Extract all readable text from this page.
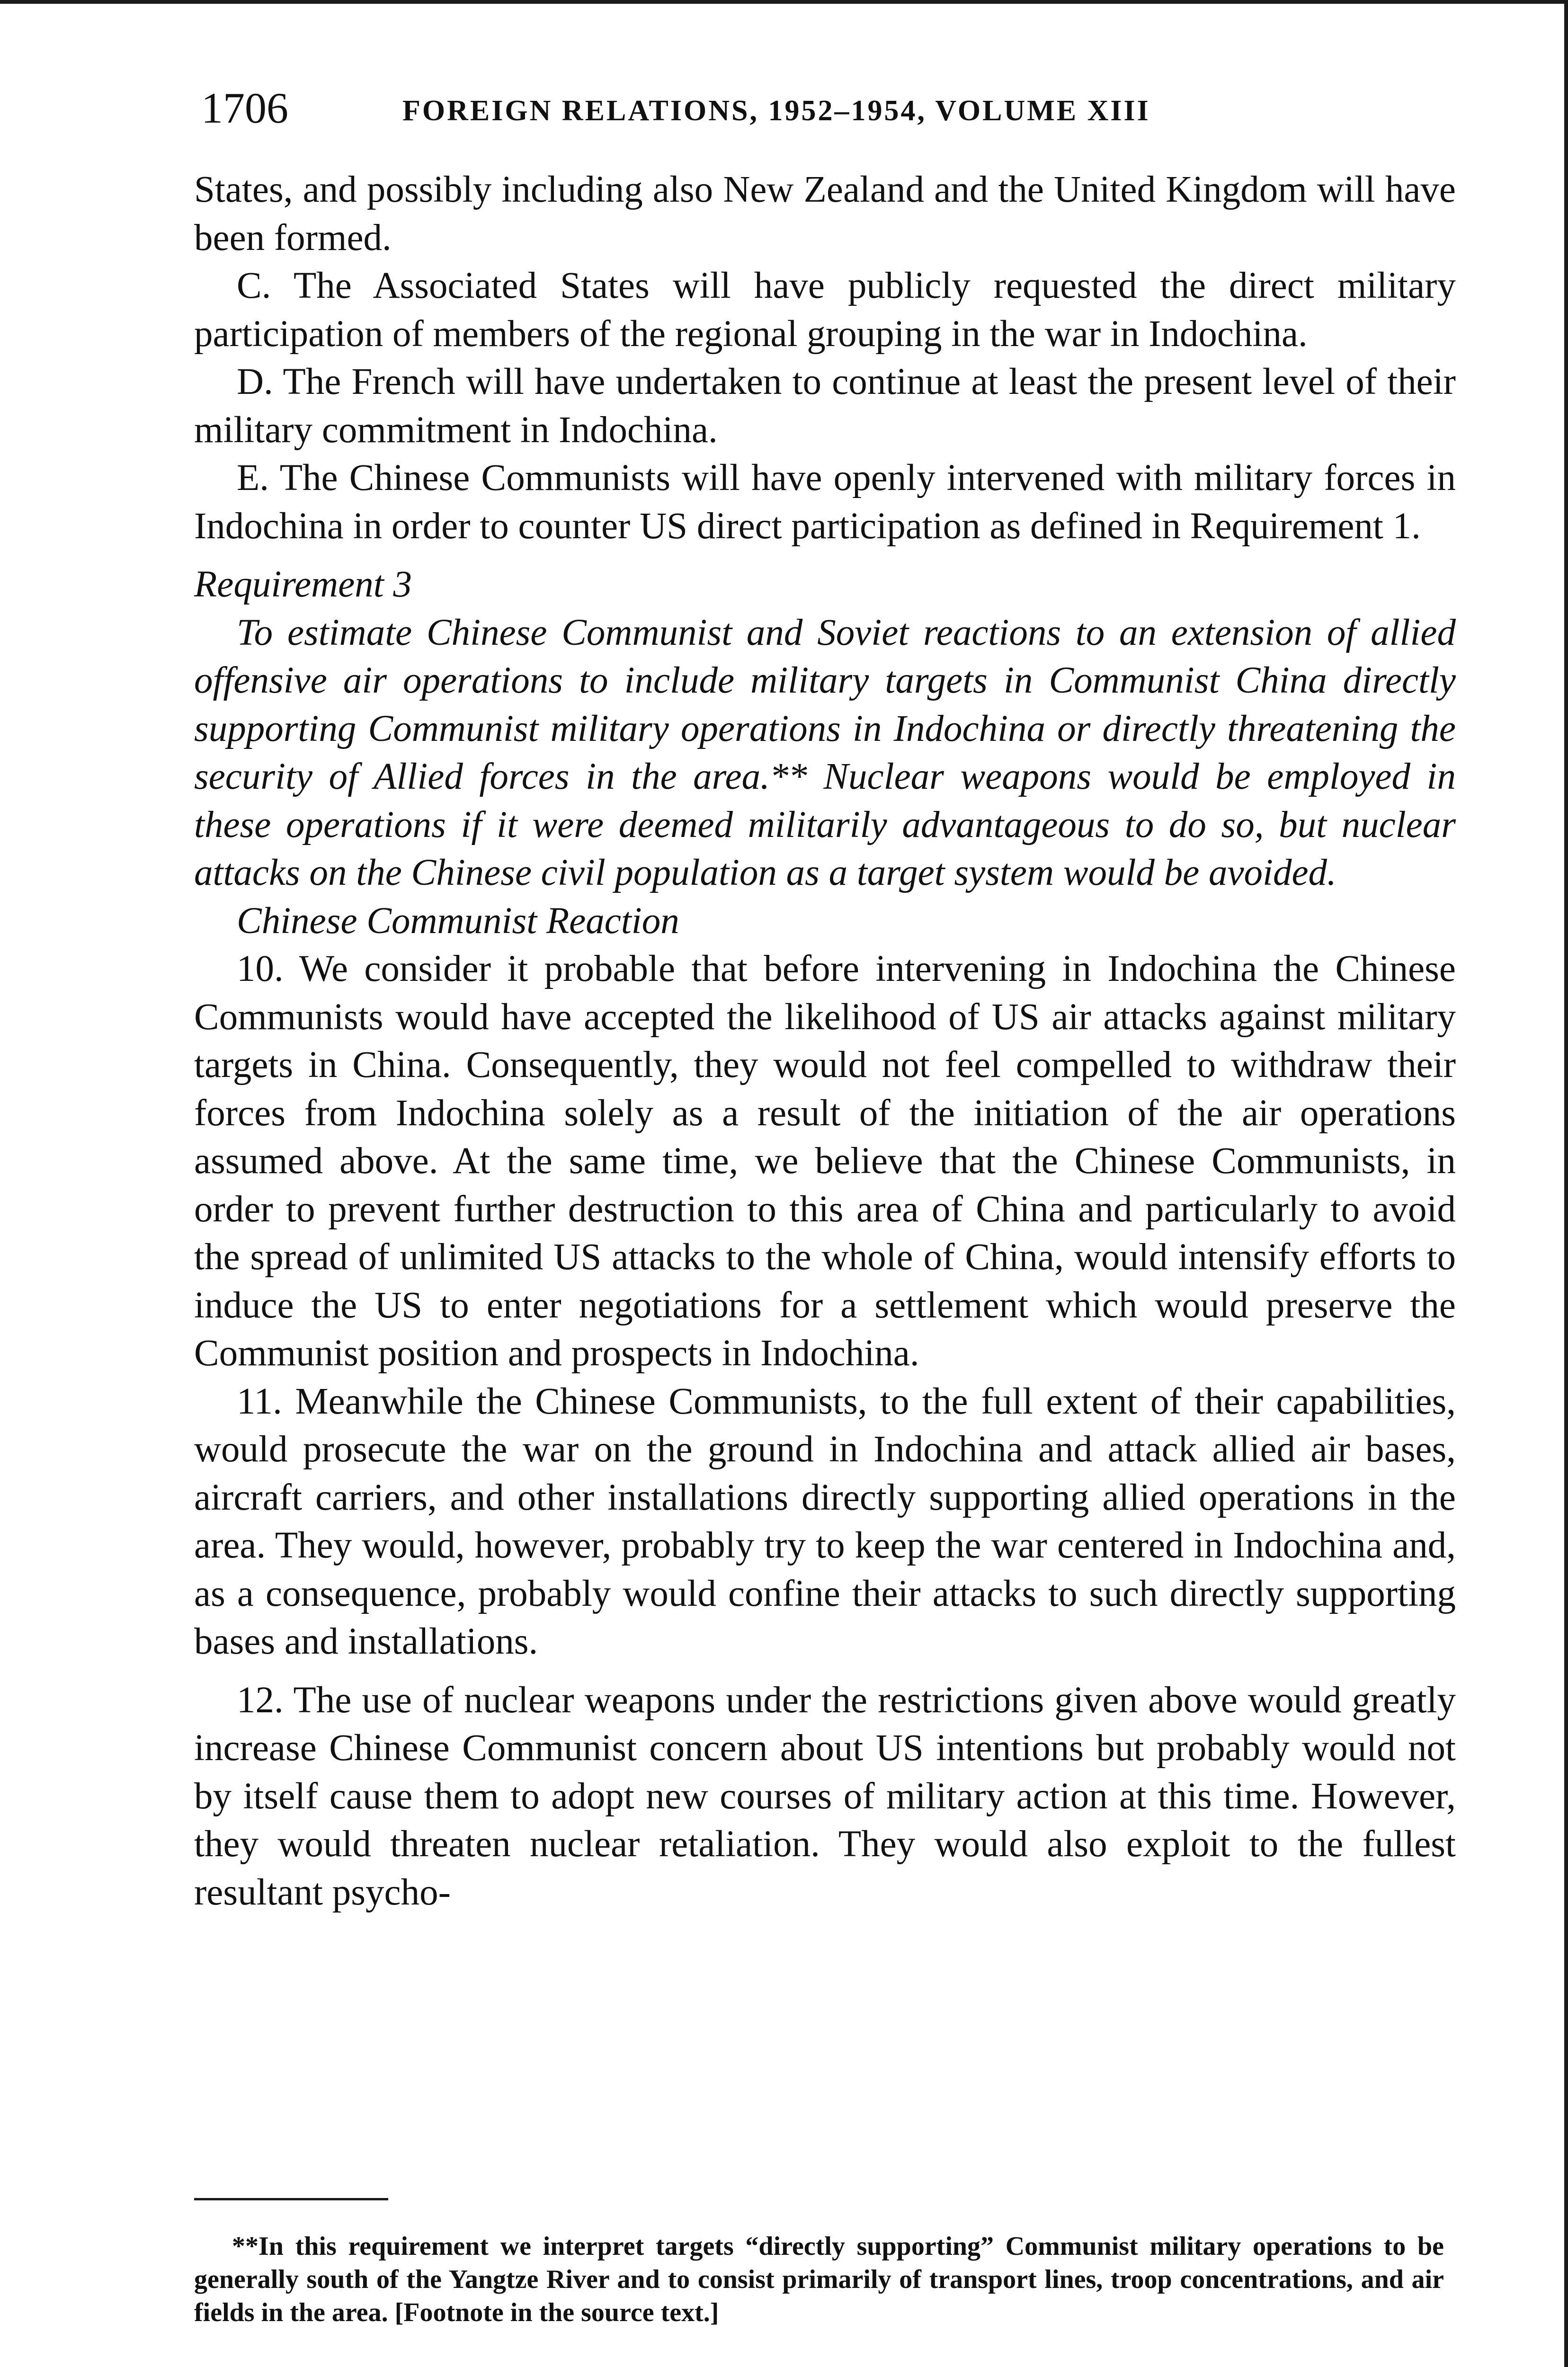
1706	FOREIGN RELATIONS, 1952–1954, VOLUME XIII

States, and possibly including also New Zealand and the United Kingdom will have been formed.

C. The Associated States will have publicly requested the direct military participation of members of the regional grouping in the war in Indochina.

D. The French will have undertaken to continue at least the present level of their military commitment in Indochina.

E. The Chinese Communists will have openly intervened with military forces in Indochina in order to counter US direct participation as defined in Requirement 1.

Requirement 3

To estimate Chinese Communist and Soviet reactions to an extension of allied offensive air operations to include military targets in Communist China directly supporting Communist military operations in Indochina or directly threatening the security of Allied forces in the area.** Nuclear weapons would be employed in these operations if it were deemed militarily advantageous to do so, but nuclear attacks on the Chinese civil population as a target system would be avoided.

Chinese Communist Reaction

10. We consider it probable that before intervening in Indochina the Chinese Communists would have accepted the likelihood of US air attacks against military targets in China. Consequently, they would not feel compelled to withdraw their forces from Indochina solely as a result of the initiation of the air operations assumed above. At the same time, we believe that the Chinese Communists, in order to prevent further destruction to this area of China and particularly to avoid the spread of unlimited US attacks to the whole of China, would intensify efforts to induce the US to enter negotiations for a settlement which would preserve the Communist position and prospects in Indochina.

11. Meanwhile the Chinese Communists, to the full extent of their capabilities, would prosecute the war on the ground in Indochina and attack allied air bases, aircraft carriers, and other installations directly supporting allied operations in the area. They would, however, probably try to keep the war centered in Indochina and, as a consequence, probably would confine their attacks to such directly supporting bases and installations.

12. The use of nuclear weapons under the restrictions given above would greatly increase Chinese Communist concern about US intentions but probably would not by itself cause them to adopt new courses of military action at this time. However, they would threaten nuclear retaliation. They would also exploit to the fullest resultant psycho-

**In this requirement we interpret targets “directly supporting” Communist military operations to be generally south of the Yangtze River and to consist primarily of transport lines, troop concentrations, and air fields in the area. [Footnote in the source text.]
